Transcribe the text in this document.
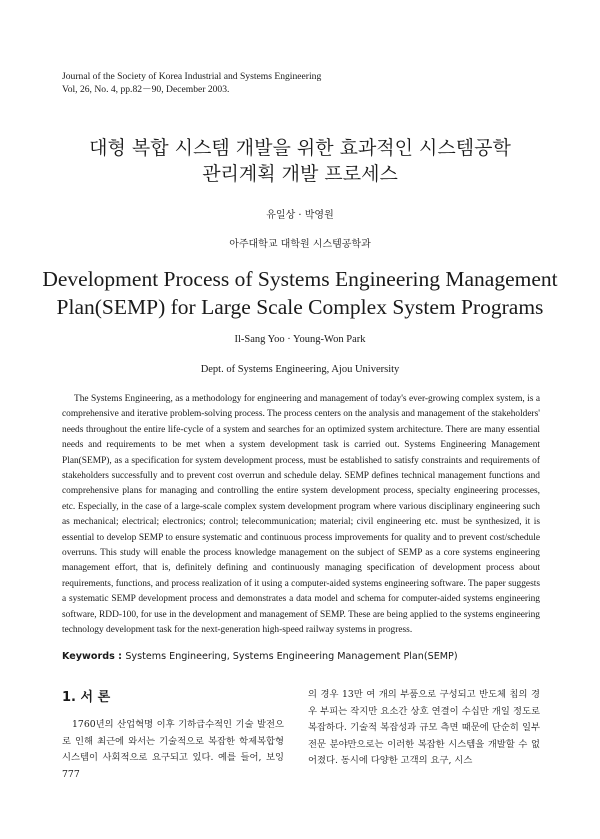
Journal of the Society of Korea Industrial and Systems Engineering
Vol, 26, No. 4, pp.82－90, December 2003.
대형 복합 시스템 개발을 위한 효과적인 시스템공학
관리계획 개발 프로세스
유일상 · 박영원
아주대학교 대학원 시스템공학과
Development Process of Systems Engineering Management
Plan(SEMP) for Large Scale Complex System Programs
Il-Sang Yoo · Young-Won Park
Dept. of Systems Engineering, Ajou University
The Systems Engineering, as a methodology for engineering and management of today's ever-growing complex system, is a comprehensive and iterative problem-solving process. The process centers on the analysis and management of the stakeholders' needs throughout the entire life-cycle of a system and searches for an optimized system architecture. There are many essential needs and requirements to be met when a system development task is carried out. Systems Engineering Management Plan(SEMP), as a specification for system development process, must be established to satisfy constraints and requirements of stakeholders successfully and to prevent cost overrun and schedule delay. SEMP defines technical management functions and comprehensive plans for managing and controlling the entire system development process, specialty engineering processes, etc. Especially, in the case of a large-scale complex system development program where various disciplinary engineering such as mechanical; electrical; electronics; control; telecommunication; material; civil engineering etc. must be synthesized, it is essential to develop SEMP to ensure systematic and continuous process improvements for quality and to prevent cost/schedule overruns. This study will enable the process knowledge management on the subject of SEMP as a core systems engineering management effort, that is, definitely defining and continuously managing specification of development process about requirements, functions, and process realization of it using a computer-aided systems engineering software. The paper suggests a systematic SEMP development process and demonstrates a data model and schema for computer-aided systems engineering software, RDD-100, for use in the development and management of SEMP. These are being applied to the systems engineering technology development task for the next-generation high-speed railway systems in progress.
Keywords : Systems Engineering, Systems Engineering Management Plan(SEMP)
1. 서 론
1760년의 산업혁명 이후 기하급수적인 기술 발전으로 인해 최근에 와서는 기술적으로 복잡한 학제복합형 시스템이 사회적으로 요구되고 있다. 예를 들어, 보잉 777
의 경우 13만 여 개의 부품으로 구성되고 반도체 칩의 경우 부피는 작지만 요소간 상호 연결이 수십만 개일 정도로 복잡하다. 기술적 복잡성과 규모 측면 때문에 단순히 일부 전문 분야만으로는 이러한 복잡한 시스템을 개발할 수 없어졌다. 동시에 다양한 고객의 요구, 시스
